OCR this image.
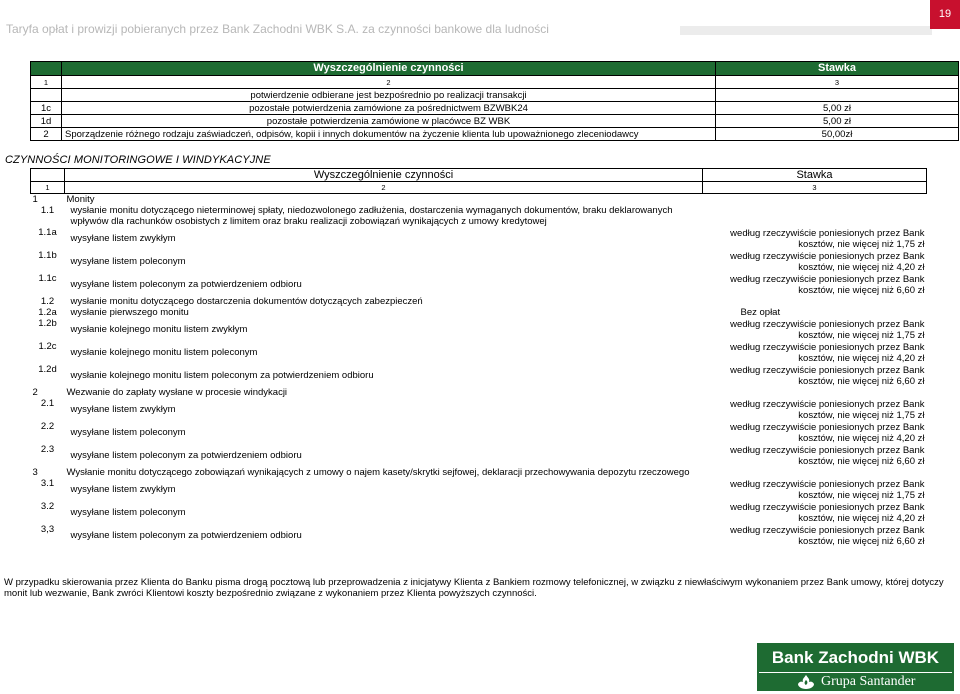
Taryfa opłat i prowizji pobieranych przez Bank Zachodni WBK S.A. za czynności bankowe dla ludności
19
	Wyszczególnienie czynności	Stawka
1	2	3
	potwierdzenie odbierane jest bezpośrednio po realizacji transakcji	
1c	pozostałe potwierdzenia zamówione za pośrednictwem BZWBK24	5,00 zł
1d	pozostałe potwierdzenia zamówione w placówce BZ WBK	5,00 zł
2	Sporządzenie różnego rodzaju zaświadczeń, odpisów, kopii i innych dokumentów na życzenie klienta lub upoważnionego zleceniodawcy	50,00zł
CZYNNOŚCI MONITORINGOWE I WINDYKACYJNE
	Wyszczególnienie czynności	Stawka
1	2	3
1	Monity	
1.1	wysłanie monitu dotyczącego nieterminowej spłaty, niedozwolonego zadłużenia, dostarczenia wymaganych dokumentów, braku deklarowanych wpływów dla rachunków osobistych z limitem oraz braku realizacji zobowiązań wynikających z umowy kredytowej	
1.1a	wysyłane listem zwykłym	według rzeczywiście poniesionych przez Bank
kosztów, nie więcej niż 1,75 zł
1.1b	wysyłane listem poleconym	według rzeczywiście poniesionych przez Bank
kosztów, nie więcej niż 4,20 zł
1.1c	wysyłane listem poleconym za potwierdzeniem odbioru	według rzeczywiście poniesionych przez Bank
kosztów, nie więcej niż 6,60 zł
1.2	wysłanie monitu dotyczącego dostarczenia dokumentów dotyczących zabezpieczeń	
1.2a	wysłanie pierwszego monitu	Bez opłat
1.2b	wysłanie kolejnego monitu listem zwykłym	według rzeczywiście poniesionych przez Bank
kosztów, nie więcej niż 1,75 zł
1.2c	wysłanie kolejnego monitu listem poleconym	według rzeczywiście poniesionych przez Bank
kosztów, nie więcej niż 4,20 zł
1.2d	wysłanie kolejnego monitu listem poleconym za potwierdzeniem odbioru	według rzeczywiście poniesionych przez Bank
kosztów, nie więcej niż 6,60 zł
2	Wezwanie do zapłaty wysłane w procesie windykacji	
2.1	wysyłane listem zwykłym	według rzeczywiście poniesionych przez Bank
kosztów, nie więcej niż 1,75 zł
2.2	wysyłane listem poleconym	według rzeczywiście poniesionych przez Bank
kosztów, nie więcej niż 4,20 zł
2.3	wysyłane listem poleconym za potwierdzeniem odbioru	według rzeczywiście poniesionych przez Bank
kosztów, nie więcej niż 6,60 zł
3	Wysłanie monitu dotyczącego zobowiązań wynikających z umowy o najem kasety/skrytki sejfowej, deklaracji przechowywania depozytu rzeczowego	
3.1	wysyłane listem zwykłym	według rzeczywiście poniesionych przez Bank
kosztów, nie więcej niż 1,75 zł
3.2	wysyłane listem poleconym	według rzeczywiście poniesionych przez Bank
kosztów, nie więcej niż 4,20 zł
3,3	wysyłane listem poleconym za potwierdzeniem odbioru	według rzeczywiście poniesionych przez Bank
kosztów, nie więcej niż 6,60 zł
W przypadku skierowania przez Klienta do Banku pisma drogą pocztową lub przeprowadzenia z inicjatywy Klienta z Bankiem rozmowy telefonicznej, w związku z niewłaściwym wykonaniem przez Bank umowy, której dotyczy monit lub wezwanie, Bank zwróci Klientowi koszty bezpośrednio związane z wykonaniem przez Klienta powyższych czynności.
Bank Zachodni WBK
Grupa Santander
